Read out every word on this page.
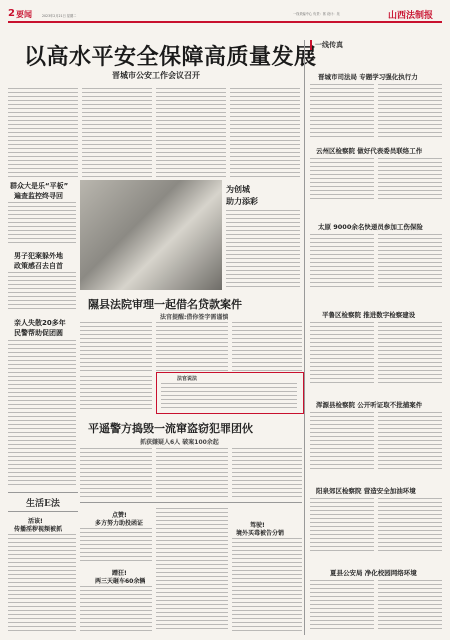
2 要闻	2023年2月21日 星期二	一线采编中心 负责：郭 设计：吴	山西法制报
以高水平安全保障高质量发展
晋城市公安工作会议召开
群众大是乐“平板”
遍查监控终寻回
男子犯案躲外地
政策感召去自首
亲人失散20多年
民警帮助促团圆
为创城
助力添彩
隰县法院审理一起借名贷款案件
法官提醒:借你签字需谨慎
法官说法
平遥警方捣毁一流窜盗窃犯罪团伙
抓获嫌疑人6人 破案100余起
点赞!
多方努力助投函证
蹭狂!
两三天砸车60余辆
驾驶!
境外买毒被告分销
生活E法
活该!
传播淫秽视频被抓
一线传真
晋城市司法局 专题学习强化执行力
云州区检察院 做好代表委员联络工作
太原 9000余名快递员参加工伤保险
平鲁区检察院 推进数字检察建设
浑源县检察院 公开听证取不批捕案件
阳泉郊区检察院 营造安全加油环境
夏县公安局 净化校园网络环境
